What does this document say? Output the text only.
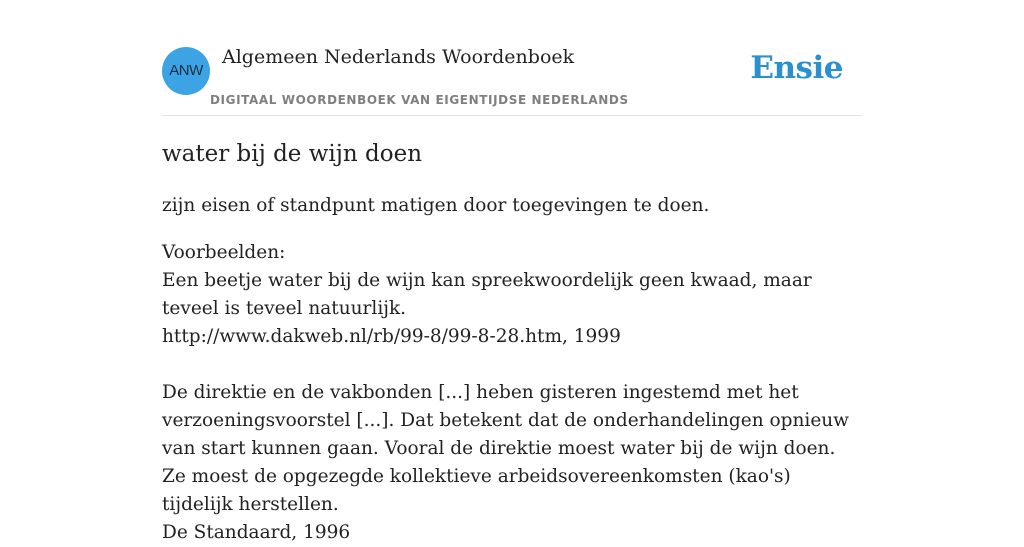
ANW
Algemeen Nederlands Woordenboek
DIGITAAL WOORDENBOEK VAN EIGENTIJDSE NEDERLANDS
Ensie
water bij de wijn doen

zijn eisen of standpunt matigen door toegevingen te doen.

Voorbeelden:

Een beetje water bij de wijn kan spreekwoordelijk geen kwaad, maar teveel is teveel natuurlijk.

http://www.dakweb.nl/rb/99-8/99-8-28.htm, 1999

De direktie en de vakbonden [...] heben gisteren ingestemd met het verzoeningsvoorstel [...]. Dat betekent dat de onderhandelingen opnieuw van start kunnen gaan. Vooral de direktie moest water bij de wijn doen. Ze moest de opgezegde kollektieve arbeidsovereenkomsten (kao's) tijdelijk herstellen.

De Standaard, 1996
